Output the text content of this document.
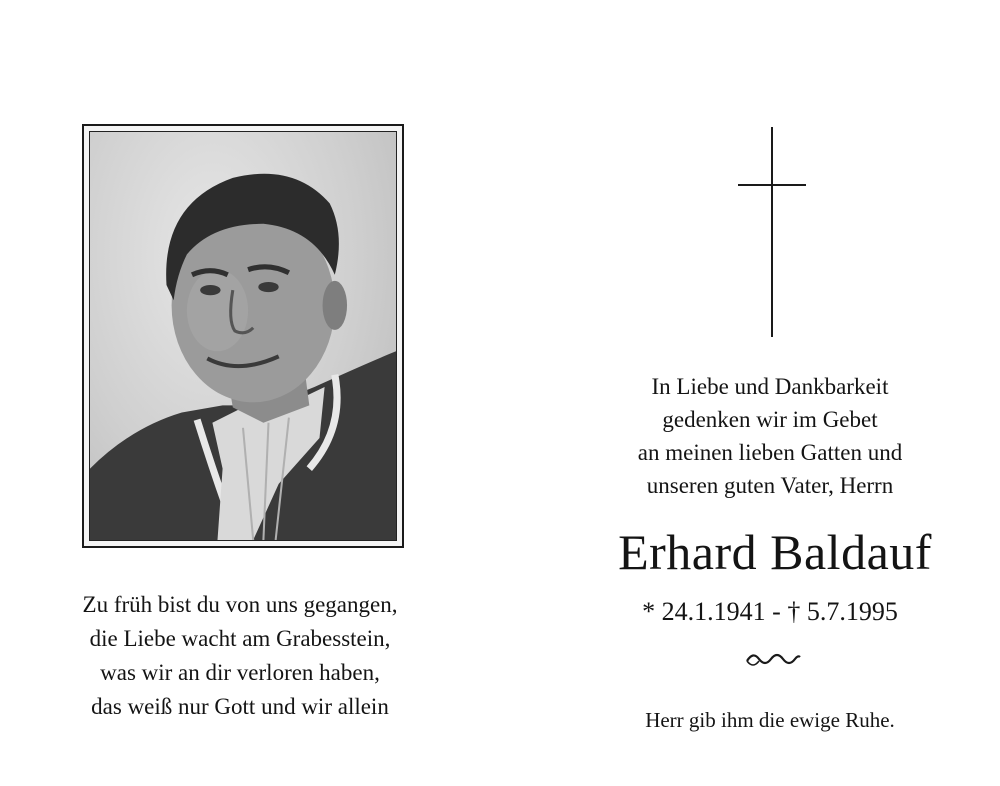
Zu früh bist du von uns gegangen,
die Liebe wacht am Grabesstein,
was wir an dir verloren haben,
das weiß nur Gott und wir allein
In Liebe und Dankbarkeit
gedenken wir im Gebet
an meinen lieben Gatten und
unseren guten Vater, Herrn
Erhard Baldauf
* 24.1.1941 - † 5.7.1995
Herr gib ihm die ewige Ruhe.
